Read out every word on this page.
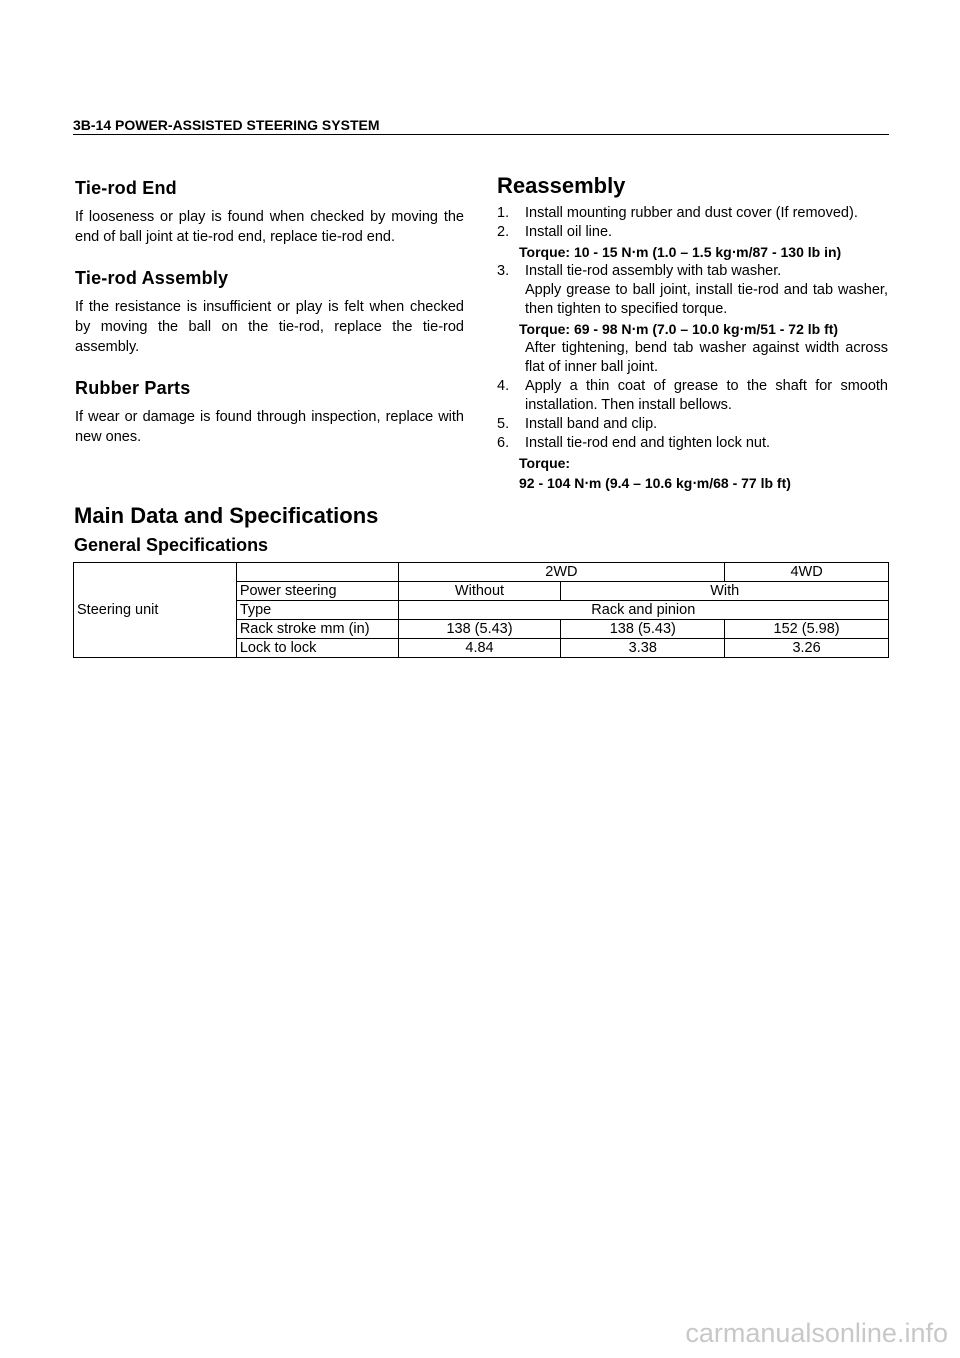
3B-14 POWER-ASSISTED STEERING SYSTEM
Tie-rod End

If looseness or play is found when checked by moving the end of ball joint at tie-rod end, replace tie-rod end.

Tie-rod Assembly

If the resistance is insufficient or play is felt when checked by moving the ball on the tie-rod, replace the tie-rod assembly.

Rubber Parts

If wear or damage is found through inspection, replace with new ones.

Reassembly
1. Install mounting rubber and dust cover (If removed).
2. Install oil line.
Torque: 10 - 15 N‧m (1.0 – 1.5 kg‧m/87 - 130 lb in)
3. Install tie-rod assembly with tab washer.
Apply grease to ball joint, install tie-rod and tab washer, then tighten to specified torque.
Torque: 69 - 98 N‧m (7.0 – 10.0 kg‧m/51 - 72 lb ft)
After tightening, bend tab washer against width across flat of inner ball joint.
4. Apply a thin coat of grease to the shaft for smooth installation. Then install bellows.
5. Install band and clip.
6. Install tie-rod end and tighten lock nut.
Torque:
92 - 104 N‧m (9.4 – 10.6 kg‧m/68 - 77 lb ft)
Main Data and Specifications
General Specifications
Steering unit		2WD		4WD
	Power steering	Without	With	
	Type	Rack and pinion		
	Rack stroke mm (in)	138 (5.43)	138 (5.43)	152 (5.98)
	Lock to lock	4.84	3.38	3.26
carmanualsonline.info
